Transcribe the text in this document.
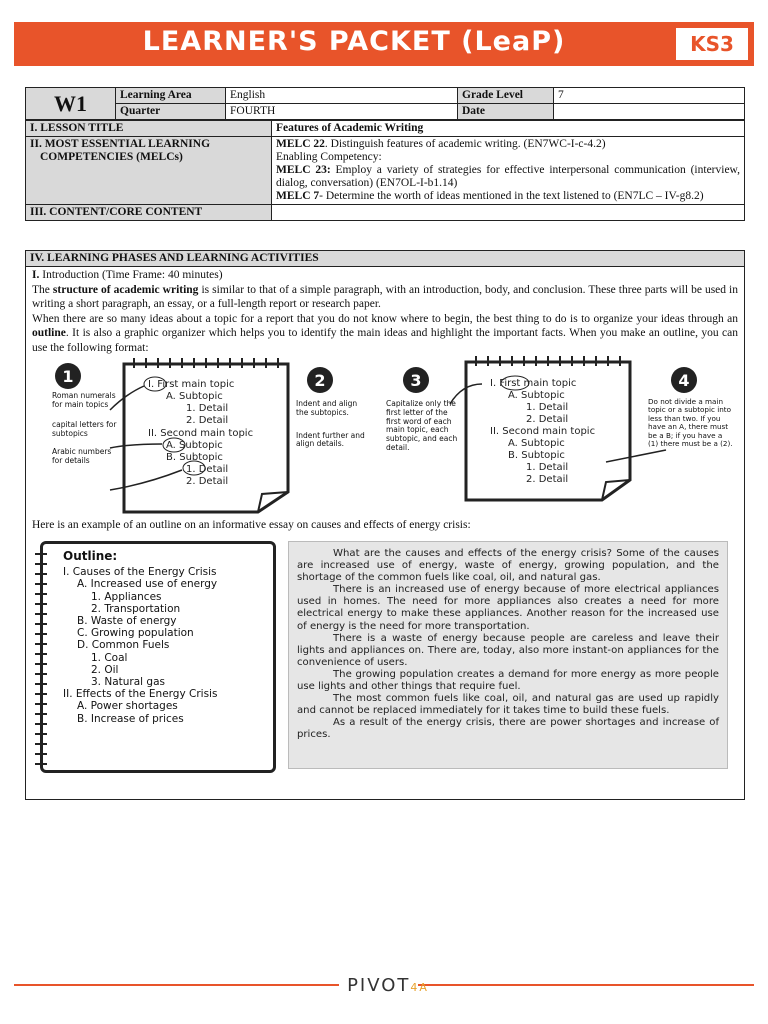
LEARNER'S PACKET (LeaP)	KS3
W1	Learning Area	English	Grade Level	7
	Quarter	FOURTH	Date	
I. LESSON TITLE	Features of Academic Writing
II. MOST ESSENTIAL LEARNING COMPETENCIES (MELCs)	MELC 22. Distinguish features of academic writing. (EN7WC-I-c-4.2)
Enabling Competency:
MELC 23: Employ a variety of strategies for effective interpersonal communication (interview, dialog, conversation) (EN7OL-I-b1.14)
MELC 7- Determine the worth of ideas mentioned in the text listened to (EN7LC – IV-g8.2)

III. CONTENT/CORE CONTENT	
IV. LEARNING PHASES AND LEARNING ACTIVITIES
I. Introduction (Time Frame: 40 minutes)
The structure of academic writing is similar to that of a simple paragraph, with an introduction, body, and conclusion. These three parts will be used in writing a short paragraph, an essay, or a full-length report or research paper.
When there are so many ideas about a topic for a report that you do not know where to begin, the best thing to do is to organize your ideas through an outline. It is also a graphic organizer which helps you to identify the main ideas and highlight the important facts. When you make an outline, you can use the following format:
1
Roman numerals for main topics
capital letters for subtopics
Arabic numbers for details
I. First main topic
A. Subtopic
1. Detail
2. Detail
II. Second main topic
A. Subtopic
B. Subtopic
1. Detail
2. Detail
2
Indent and align the subtopics.
Indent further and align details.
3
Capitalize only the first letter of the first word of each main topic, each subtopic, and each detail.
I. First main topic
A. Subtopic
1. Detail
2. Detail
II. Second main topic
A. Subtopic
B. Subtopic
1. Detail
2. Detail
4
Do not divide a main topic or a subtopic into less than two. If you have an A, there must be a B; if you have a (1) there must be a (2).
Here is an example of an outline on an informative essay on causes and effects of energy crisis:
Outline:
I. Causes of the Energy Crisis
A. Increased use of energy
1. Appliances
2. Transportation
B. Waste of energy
C. Growing population
D. Common Fuels
1. Coal
2. Oil
3. Natural gas
II. Effects of the Energy Crisis
A. Power shortages
B. Increase of prices

What are the causes and effects of the energy crisis? Some of the causes are increased use of energy, waste of energy, growing population, and the shortage of the common fuels like coal, oil, and natural gas.

There is an increased use of energy because of more electrical appliances used in homes. The need for more appliances also creates a need for more electrical energy to make these appliances. Another reason for the increased use of energy is the need for more transportation.

There is a waste of energy because people are careless and leave their lights and appliances on. There are, today, also more instant-on appliances for the convenience of users.

The growing population creates a demand for more energy as more people use lights and other things that require fuel.

The most common fuels like coal, oil, and natural gas are used up rapidly and cannot be replaced immediately for it takes time to build these fuels.

As a result of the energy crisis, there are power shortages and increase of prices.

PIVOT4A
